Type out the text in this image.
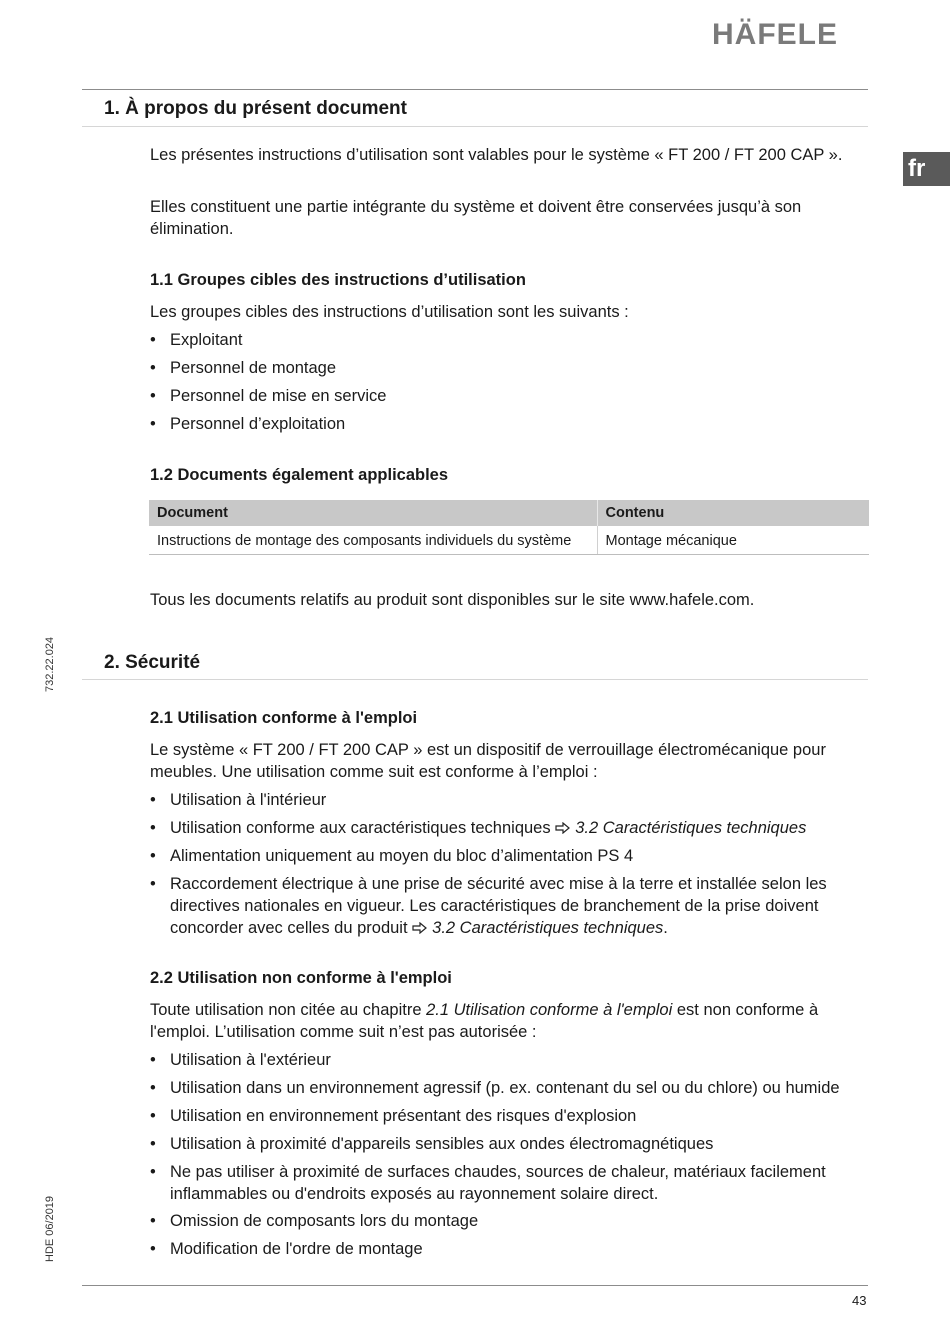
HÄFELE
fr
732.22.024
HDE 06/2019
1. À propos du présent document
Les présentes instructions d’utilisation sont valables pour le système « FT 200 / FT 200 CAP ».
Elles constituent une partie intégrante du système et doivent être conservées jusqu’à son élimination.
1.1 Groupes cibles des instructions d’utilisation
Les groupes cibles des instructions d’utilisation sont les suivants :
• Exploitant
• Personnel de montage
• Personnel de mise en service
• Personnel d’exploitation
1.2 Documents également applicables
Document	Contenu
Instructions de montage des composants individuels du système	Montage mécanique
Tous les documents relatifs au produit sont disponibles sur le site www.hafele.com.
2. Sécurité
2.1 Utilisation conforme à l'emploi
Le système « FT 200 / FT 200 CAP » est un dispositif de verrouillage électromécanique pour meubles. Une utilisation comme suit est conforme à l’emploi :
• Utilisation à l'intérieur
• Utilisation conforme aux caractéristiques techniques 3.2 Caractéristiques techniques
• Alimentation uniquement au moyen du bloc d’alimentation PS 4
• Raccordement électrique à une prise de sécurité avec mise à la terre et installée selon les directives nationales en vigueur. Les caractéristiques de branchement de la prise doivent concorder avec celles du produit 3.2 Caractéristiques techniques.
2.2 Utilisation non conforme à l'emploi
Toute utilisation non citée au chapitre 2.1 Utilisation conforme à l'emploi est non conforme à l'emploi. L’utilisation comme suit n’est pas autorisée :
• Utilisation à l'extérieur
• Utilisation dans un environnement agressif (p. ex. contenant du sel ou du chlore) ou humide
• Utilisation en environnement présentant des risques d'explosion
• Utilisation à proximité d'appareils sensibles aux ondes électromagnétiques
• Ne pas utiliser à proximité de surfaces chaudes, sources de chaleur, matériaux facilement inflammables ou d'endroits exposés au rayonnement solaire direct.
• Omission de composants lors du montage
• Modification de l'ordre de montage
43
